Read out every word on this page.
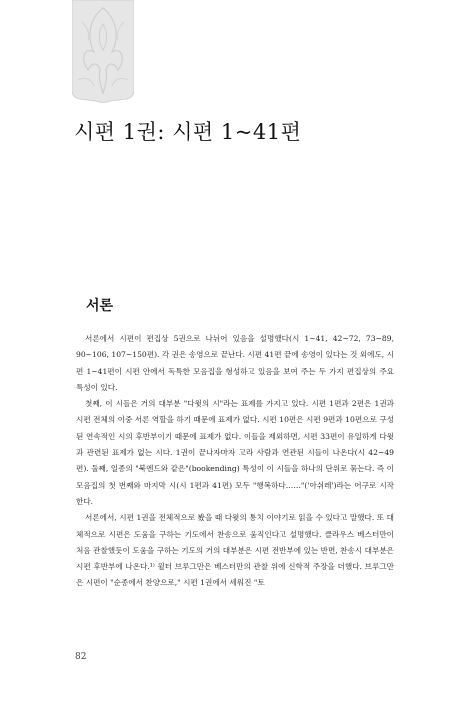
시편 1권: 시편 1~41편
서론

서론에서 시편이 편집상 5권으로 나뉘어 있음을 설명했다(시 1~41, 42~72, 73~89, 90~106, 107~150편). 각 권은 송영으로 끝난다. 시편 41편 끝에 송영이 있다는 것 외에도, 시편 1~41편이 시편 안에서 독특한 모음집을 형성하고 있음을 보여 주는 두 가지 편집상의 주요 특성이 있다.

첫째, 이 시들은 거의 대부분 "다윗의 시"라는 표제를 가지고 있다. 시편 1편과 2편은 1권과 시편 전체의 이중 서론 역할을 하기 때문에 표제가 없다. 시편 10편은 시편 9편과 10편으로 구성된 연속적인 시의 후반부이기 때문에 표제가 없다. 이들을 제외하면, 시편 33편이 유일하게 다윗과 관련된 표제가 없는 시다. 1권이 끝나자마자 고라 사람과 연관된 시들이 나온다(시 42~49편). 둘째, 일종의 "북엔드와 같은"(bookending) 특성이 이 시들을 하나의 단위로 묶는다. 즉 이 모음집의 첫 번째와 마지막 시(시 1편과 41편) 모두 "행복하다……"('아쉬레')라는 어구로 시작한다.

서론에서, 시편 1권을 전체적으로 봤을 때 다윗의 통치 이야기로 읽을 수 있다고 말했다. 또 대체적으로 시편은 도움을 구하는 기도에서 찬송으로 움직인다고 설명했다. 클라우스 베스터만이 처음 관찰했듯이 도움을 구하는 기도의 거의 대부분은 시편 전반부에 있는 반면, 찬송시 대부분은 시편 후반부에 나온다.¹⁾ 윌터 브루그만은 베스터만의 관찰 위에 신학적 주장을 더했다. 브루그만은 시편이 "순종에서 찬양으로," 시편 1권에서 세워진 "토

82
